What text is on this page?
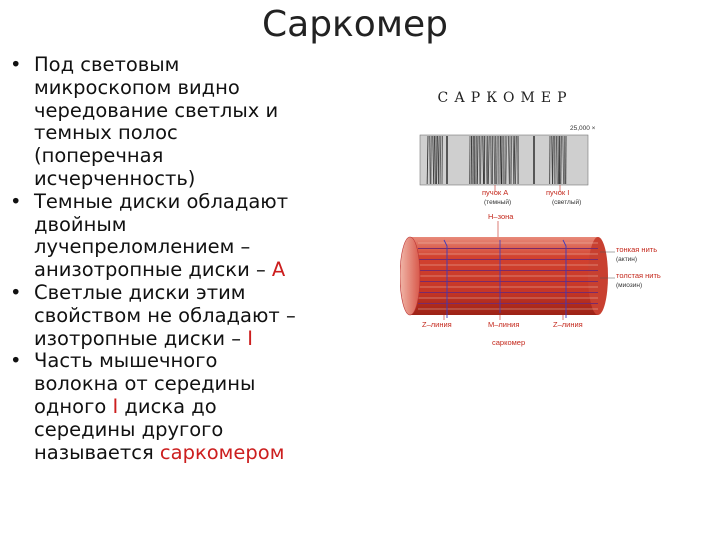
Саркомер
• Под световым микроскопом видно чередование светлых и темных полос (поперечная исчерченность)
• Темные диски обладают двойным лучепреломлением – анизотропные диски – А
• Светлые диски этим свойством не обладают – изотропные диски – I
• Часть мышечного волокна от середины одного I диска до середины другого называется саркомером
САРКОМЕР
25,000 ×
пучок A
(темный)
пучок I
(светлый)
H–зона
тонкая нить
(актин)
толстая нить
(миозин)
Z–линия	M–линия	Z–линия
саркомер
